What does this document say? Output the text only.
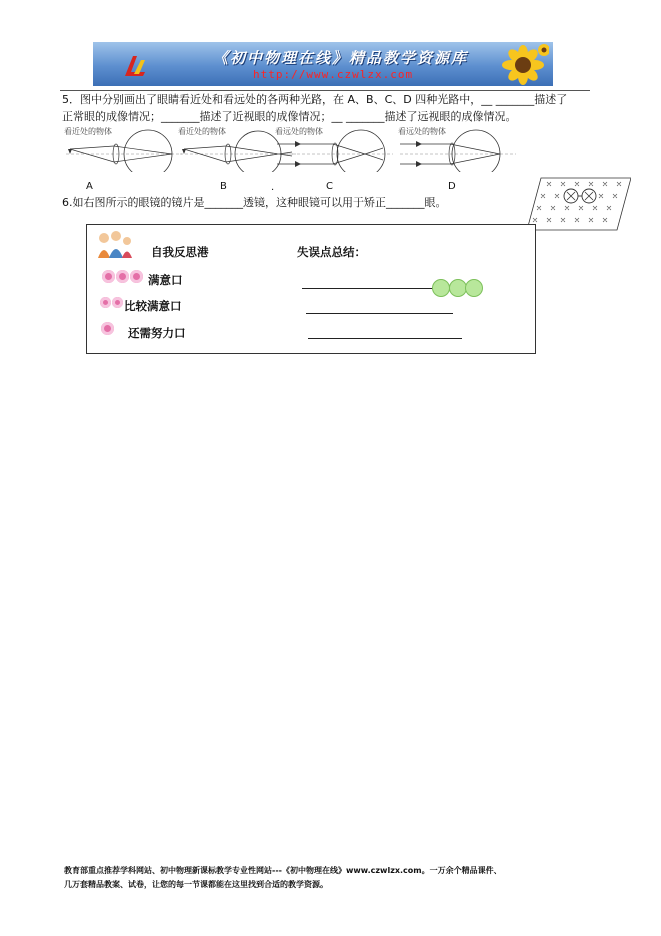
《初中物理在线》精品教学资源库
http://www.czwlzx.com
5．图中分别画出了眼睛看近处和看远处的各两种光路，在 A、B、C、D 四种光路中，__ _______描述了
正常眼的成像情况；_______描述了近视眼的成像情况；__ _______描述了远视眼的成像情况。
看近处的物体
A
看近处的物体
B	.
看远处的物体
C
看远处的物体
D
6.如右图所示的眼镜的镜片是_______透镜，这种眼镜可以用于矫正_______眼。
自我反思港	失误点总结：
满意口
比较满意口
还需努力口
教育部重点推荐学科网站、初中物理新课标教学专业性网站---《初中物理在线》www.czwlzx.com。一万余个精品课件、
几万套精品教案、试卷，让您的每一节课都能在这里找到合适的教学资源。
